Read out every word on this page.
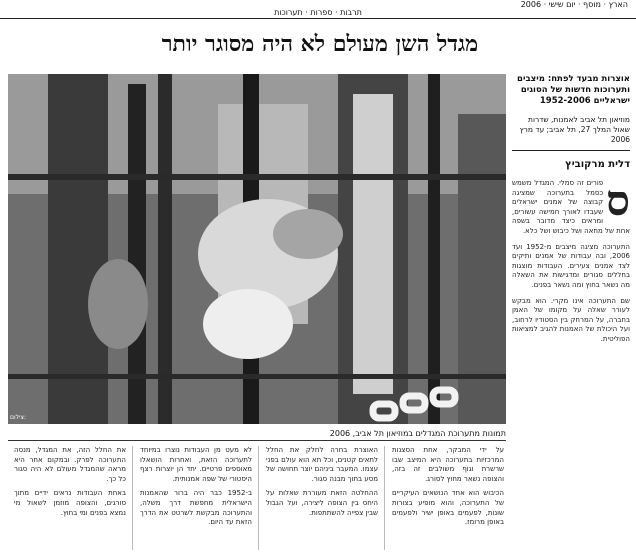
הארץ · מוסף · יום שישי · 2006
תרבות · ספרות · תערוכות
מגדל השן מעולם לא היה מסוגר יותר
צילום:
תמונות מתערוכת המגדלים במוזיאון תל אביב, 2006
אוצרות מבעד לפתח: מיצבים ותערוכות חדשות של הסוגים ישראליים 1952-2006
מוזיאון תל אביב לאמנות, שדרות שאול המלך 27, תל אביב; עד מרץ 2006
דלית מרקוביץ
ס

פורים זה סמלי. המגדל משמש כסמל בתערוכה שמציגה קבוצה של אמנים ישראלים שעבדו לאורך חמישה עשורים, ומראים כיצד מדובר בשפה אחת של מחאה ושל כיבוש ושל כלא.

התערוכה מציגה מיצבים מ-1952 ועד 2006, ובה עבודות של אמנים ותיקים לצד אמנים צעירים. העבודות מוצגות בחללים סגורים ומדגישות את השאלה מה נשאר בחוץ ומה נשאר בפנים.

שם התערוכה אינו מקרי. הוא מבקש לעורר שאלה על מקומו של האמן בחברה, על המרחק בין הסטודיו לרחוב, ועל היכולת של האמנות להגיב למציאות הפוליטית.

על ידי המבקר, אחת הסצנות המרכזיות בתערוכה היא המיצב שבו שרשרת וגוף משולבים זה בזה, והצופה נשאר מחוץ לסורג.

הכיבוש הוא אחד הנושאים העיקריים של התערוכה, והוא מופיע בצורות שונות, לפעמים באופן ישיר ולפעמים באופן מרומז.

האוצרת בחרה לחלק את החלל לתאים קטנים, וכל תא הוא עולם בפני עצמו. המעבר ביניהם יוצר תחושה של מסע בתוך מבנה סגור.

ההחלטה הזאת מעוררת שאלות על היחס בין הצופה ליצירה, ועל הגבול שבין צפייה להשתתפות.

לא מעט מן העבודות נוצרו במיוחד לתערוכה הזאת, ואחרות הושאלו מאוספים פרטיים. יחד הן יוצרות רצף היסטורי של שפה אמנותית.

ב-1952 כבר היה ברור שהאמנות הישראלית מחפשת דרך משלה, והתערוכה מבקשת לשרטט את הדרך הזאת עד היום.

את החלל הזה, את המגדל, מנסה התערוכה לפרק. ובמקום אחר היא מראה שהמגדל מעולם לא היה סגור כל כך.

באחת העבודות נראים ידיים מתוך סורגים, והצופה מוזמן לשאול מי נמצא בפנים ומי בחוץ.
